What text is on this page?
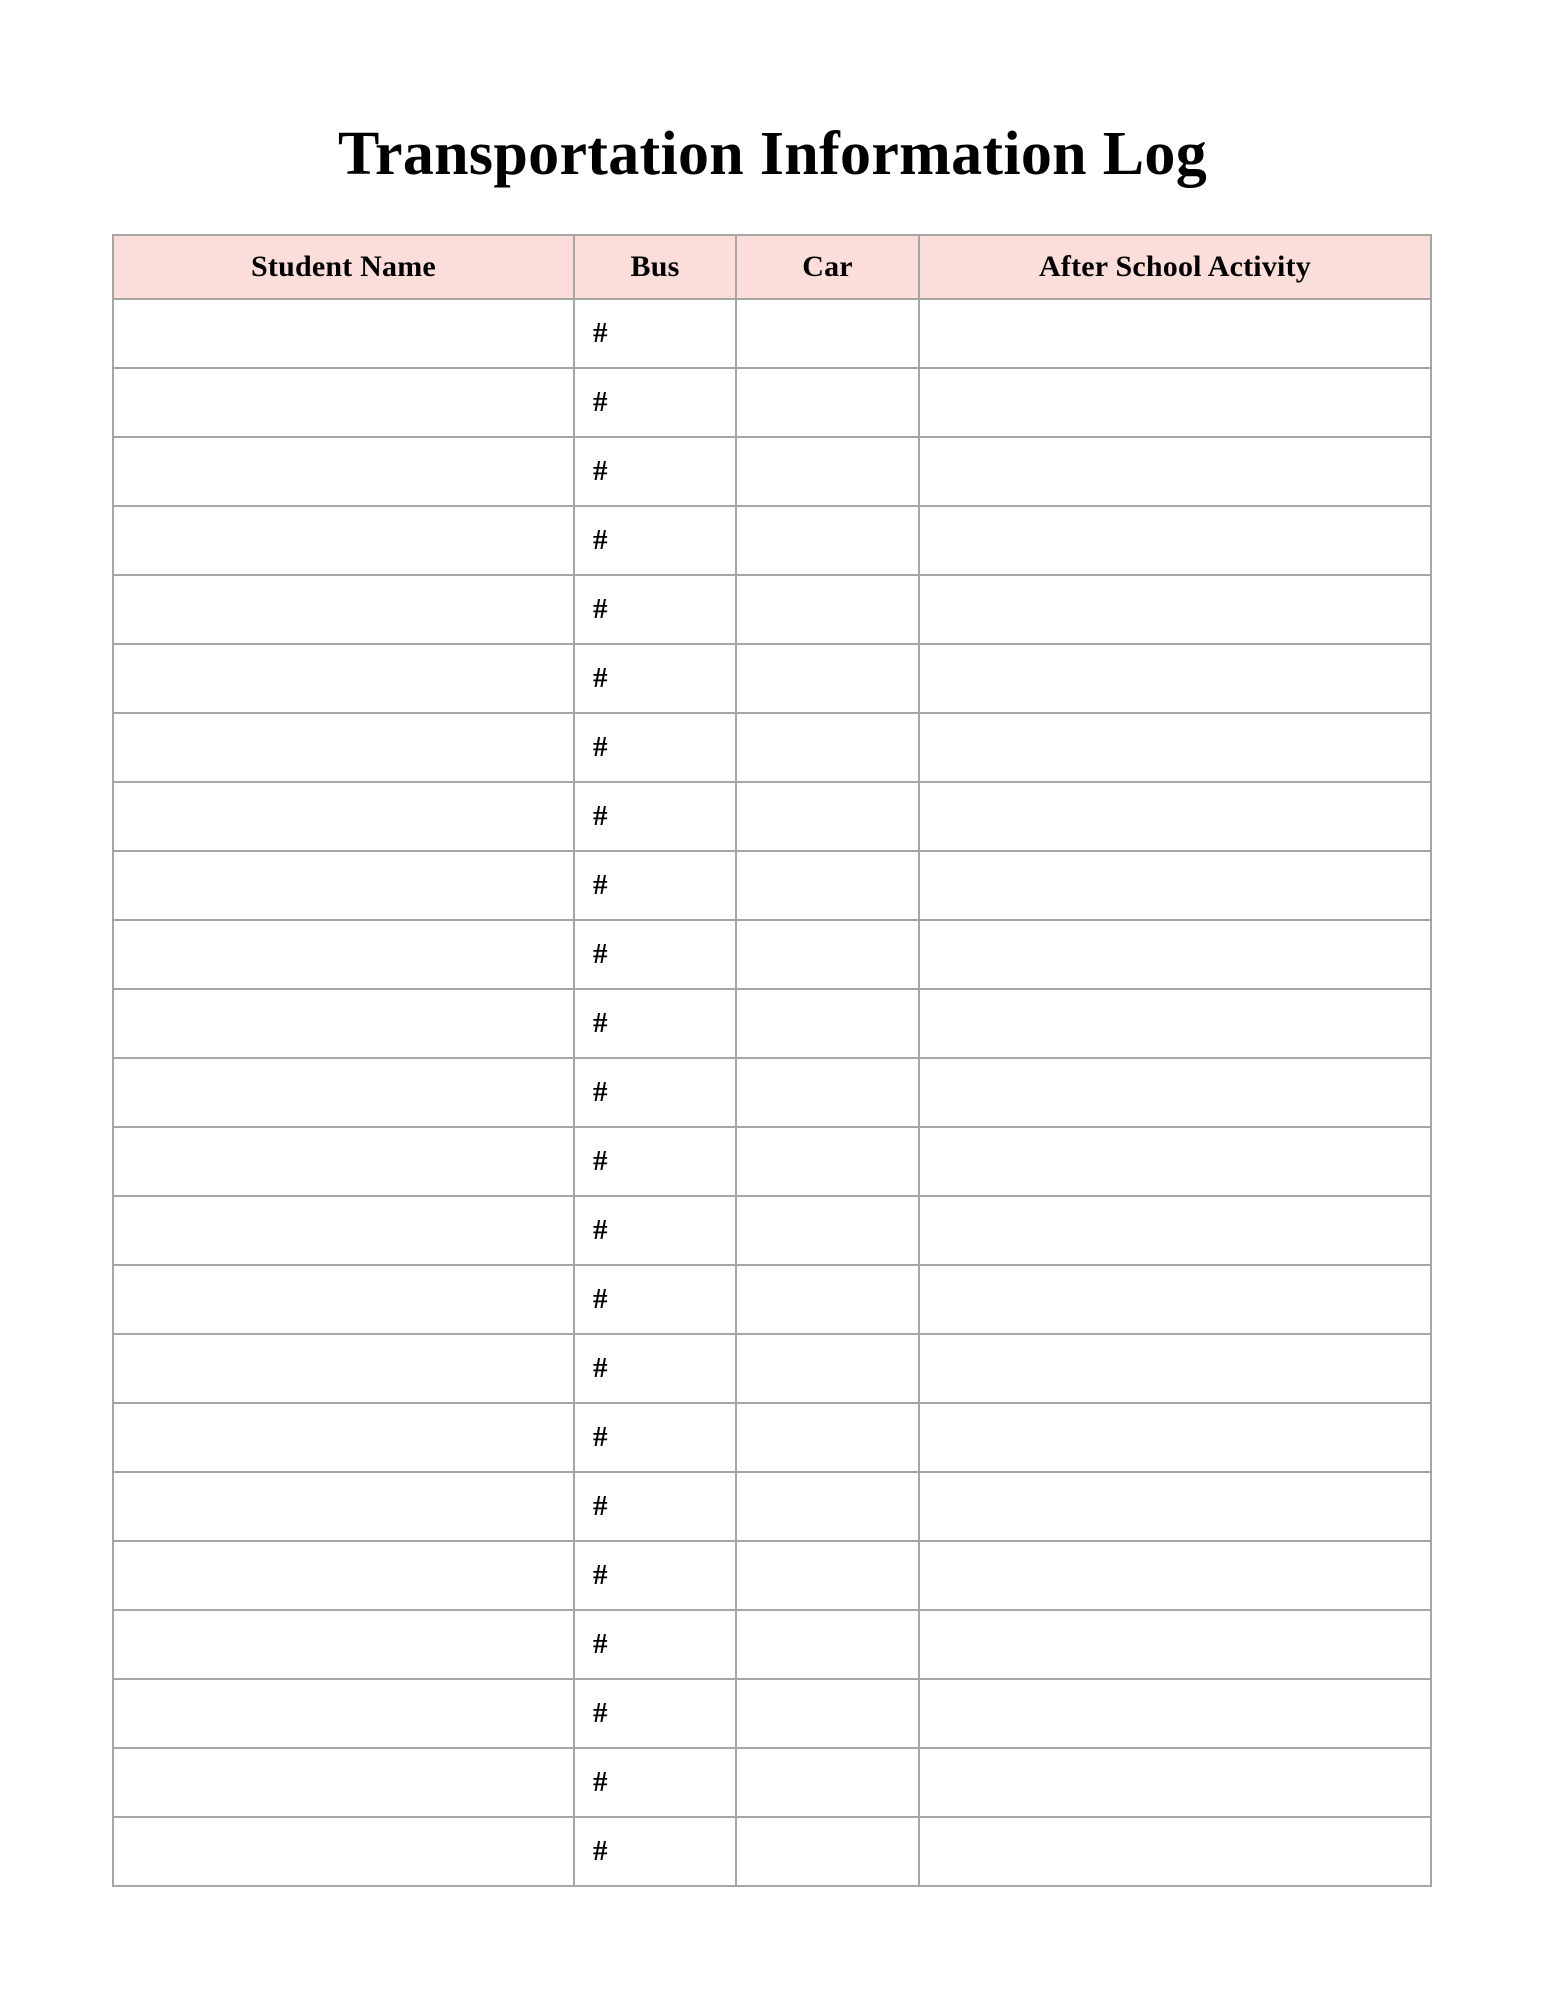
Transportation Information Log
Student Name	Bus	Car	After School Activity
	#		
	#		
	#		
	#		
	#		
	#		
	#		
	#		
	#		
	#		
	#		
	#		
	#		
	#		
	#		
	#		
	#		
	#		
	#		
	#		
	#		
	#		
	#		
